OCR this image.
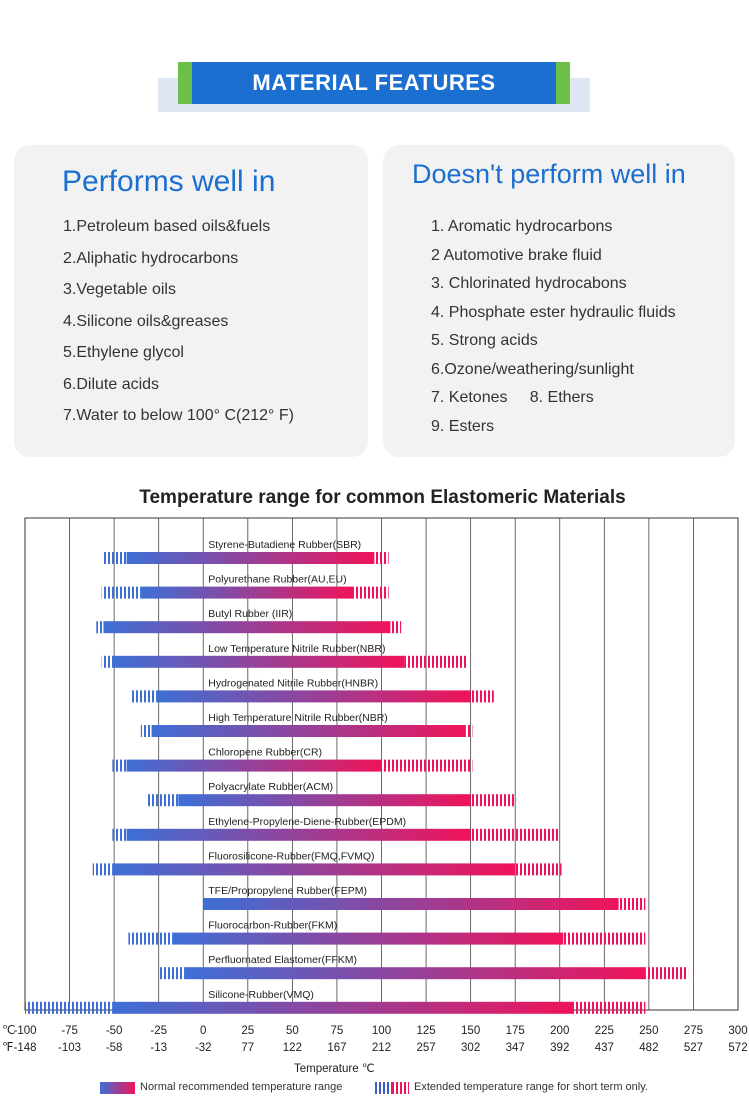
MATERIAL FEATURES
Performs well in
1.Petroleum based oils&fuels
2.Aliphatic hydrocarbons
3.Vegetable oils
4.Silicone oils&greases
5.Ethylene glycol
6.Dilute acids
7.Water to below 100° C(212° F)
Doesn't perform well in
1. Aromatic hydrocarbons
2 Automotive brake fluid
3. Chlorinated hydrocabons
4. Phosphate ester hydraulic fluids
5. Strong acids
6.Ozone/weathering/sunlight
7. Ketones     8. Ethers
9. Esters
Temperature range for common Elastomeric Materials
Styrene-Butadiene Rubber(SBR)
Polyurethane Rubber(AU,EU)
Butyl Rubber (IIR)
Low Temperature Nitrile Rubber(NBR)
Hydrogenated Nitrile Rubber(HNBR)
High Temperature Nitrile Rubber(NBR)
Chloropene Rubber(CR)
Polyacrylate Rubber(ACM)
Ethylene-Propylene-Diene-Rubber(EPDM)
Fluorosilicone-Rubber(FMQ,FVMQ)
TFE/Propropylene Rubber(FEPM)
Fluorocarbon-Rubber(FKM)
Perfluornated Elastomer(FFKM)
Silicone-Rubber(VMQ)
℃
℉
-100
-148
-75
-103
-50
-58
-25
-13
0
-32
25
77
50
122
75
167
100
212
125
257
150
302
175
347
200
392
225
437
250
482
275
527
300
572
Temperature ℃
Normal recommended temperature range	Extended temperature range for short term only.
